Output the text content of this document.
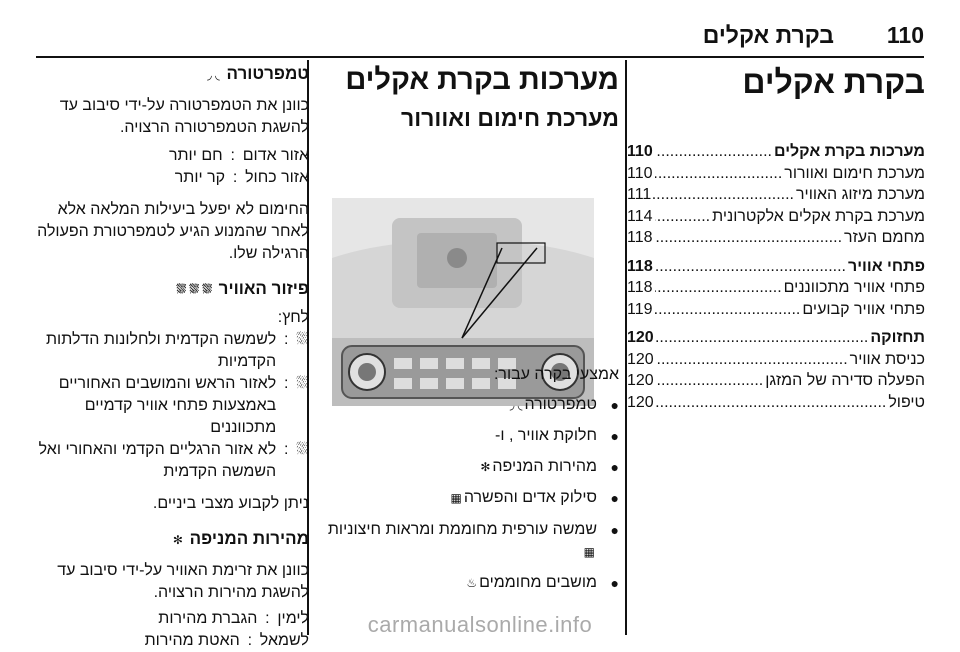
110
בקרת אקלים
בקרת אקלים
מערכות בקרת אקלים
.....
110
מערכת חימום ואוורור
.....
110
מערכת מיזוג האוויר
.....
111
מערכת בקרת אקלים אלקטרונית
.....
114
מחמם העזר
.....
118
פתחי אוויר
.....
118
פתחי אוויר מתכווננים
.....
118
פתחי אוויר קבועים
.....
119
תחזוקה
.....
120
כניסת אוויר
.....
120
הפעלה סדירה של המזגן
.....
120
טיפול
.....
120
מערכות בקרת אקלים
מערכת חימום ואוורור

אמצעי בקרה עבור:

●
טמפרטורה◟ ◞
●
חלוקת אוויר , ו-
●
מהירות המניפה✻
●
סילוק אדים והפשרה▦
●
שמשה עורפית מחוממת ומראות חיצוניות▦
●
מושבים מחוממים♨

טמפרטורה ◟ ◞

כוונן את הטמפרטורה על-ידי סיבוב עד להשגת הטמפרטורה הרצויה.

אזור אדום
:
חם יותר
אזור כחול
:
קר יותר

החימום לא יפעל ביעילות המלאה אלא לאחר שהמנוע הגיע לטמפרטורת הפעולה הרגילה שלו.

פיזור האוויר ⛆ ⛆ ⛆

לחץ:

⛆
:
לשמשה הקדמית ולחלונות הדלתות הקדמיות
⛆
:
לאזור הראש והמושבים האחוריים באמצעות פתחי אוויר קדמיים מתכווננים
⛆
:
לא אזור הרגליים הקדמי והאחורי ואל השמשה הקדמית

ניתן לקבוע מצבי ביניים.

מהירות המניפה ✻

כוונן את זרימת האוויר על-ידי סיבוב עד להשגת מהירות הרצויה.

לימין
:
הגברת מהירות
לשמאל
:
האטת מהירות
carmanualsonline.info
